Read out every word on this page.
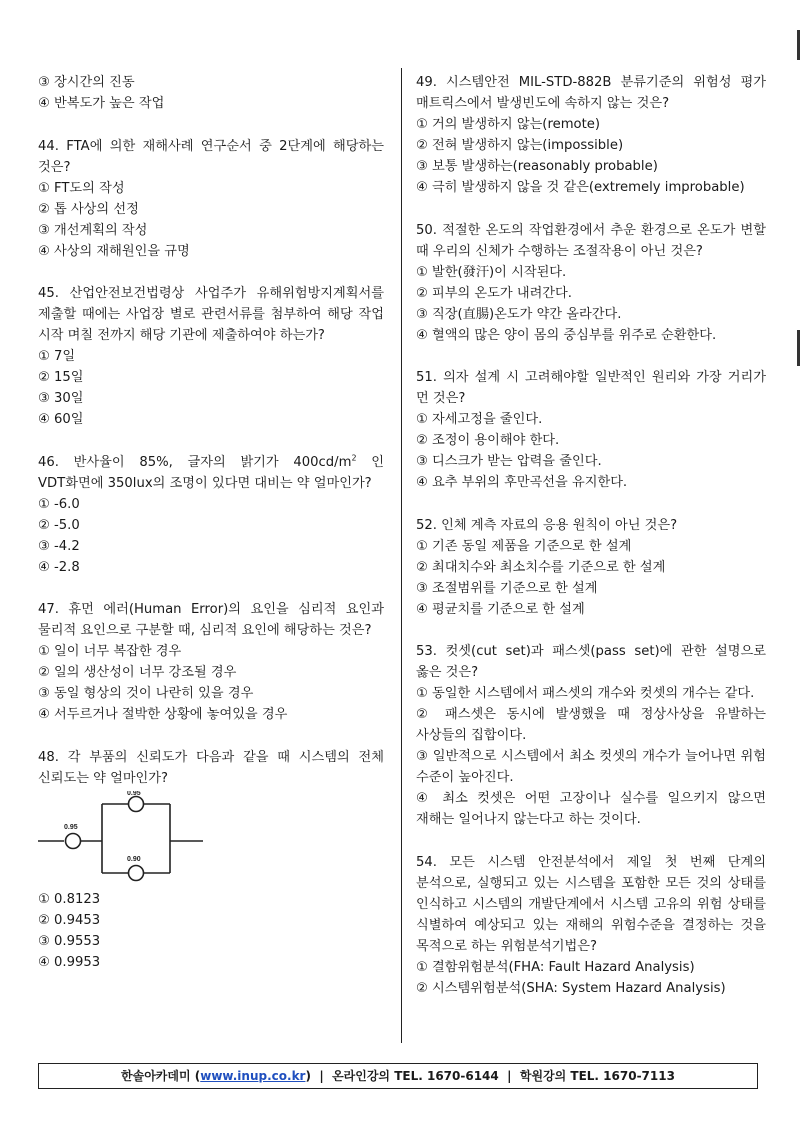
③ 장시간의 진동
④ 반복도가 높은 작업
44. FTA에 의한 재해사례 연구순서 중 2단계에 해당하는 것은?
① FT도의 작성
② 톱 사상의 선정
③ 개선계획의 작성
④ 사상의 재해원인을 규명
45. 산업안전보건법령상 사업주가 유해위험방지계획서를 제출할 때에는 사업장 별로 관련서류를 첨부하여 해당 작업 시작 며칠 전까지 해당 기관에 제출하여야 하는가?
① 7일
② 15일
③ 30일
④ 60일
46. 반사율이 85%, 글자의 밝기가 $400cd/m^2$ 인 VDT화면에 350lux의 조명이 있다면 대비는 약 얼마인가?
① -6.0
② -5.0
③ -4.2
④ -2.8
47. 휴먼 에러(Human Error)의 요인을 심리적 요인과 물리적 요인으로 구분할 때, 심리적 요인에 해당하는 것은?
① 일이 너무 복잡한 경우
② 일의 생산성이 너무 강조될 경우
③ 동일 형상의 것이 나란히 있을 경우
④ 서두르거나 절박한 상황에 놓여있을 경우
48. 각 부품의 신뢰도가 다음과 같을 때 시스템의 전체 신뢰도는 약 얼마인가?
0.95
0.95
0.90
① 0.8123
② 0.9453
③ 0.9553
④ 0.9953
49. 시스템안전 MIL-STD-882B 분류기준의 위험성 평가 매트릭스에서 발생빈도에 속하지 않는 것은?
① 거의 발생하지 않는(remote)
② 전혀 발생하지 않는(impossible)
③ 보통 발생하는(reasonably probable)
④ 극히 발생하지 않을 것 같은(extremely improbable)
50. 적절한 온도의 작업환경에서 추운 환경으로 온도가 변할 때 우리의 신체가 수행하는 조절작용이 아닌 것은?
① 발한(發汗)이 시작된다.
② 피부의 온도가 내려간다.
③ 직장(直腸)온도가 약간 올라간다.
④ 혈액의 많은 양이 몸의 중심부를 위주로 순환한다.
51. 의자 설계 시 고려해야할 일반적인 원리와 가장 거리가 먼 것은?
① 자세고정을 줄인다.
② 조정이 용이해야 한다.
③ 디스크가 받는 압력을 줄인다.
④ 요추 부위의 후만곡선을 유지한다.
52. 인체 계측 자료의 응용 원칙이 아닌 것은?
① 기존 동일 제품을 기준으로 한 설계
② 최대치수와 최소치수를 기준으로 한 설계
③ 조절범위를 기준으로 한 설계
④ 평균치를 기준으로 한 설계
53. 컷셋(cut set)과 패스셋(pass set)에 관한 설명으로 옳은 것은?
① 동일한 시스템에서 패스셋의 개수와 컷셋의 개수는 같다.
② 패스셋은 동시에 발생했을 때 정상사상을 유발하는 사상들의 집합이다.
③ 일반적으로 시스템에서 최소 컷셋의 개수가 늘어나면 위험 수준이 높아진다.
④ 최소 컷셋은 어떤 고장이나 실수를 일으키지 않으면 재해는 일어나지 않는다고 하는 것이다.
54. 모든 시스템 안전분석에서 제일 첫 번째 단계의 분석으로, 실행되고 있는 시스템을 포함한 모든 것의 상태를 인식하고 시스템의 개발단계에서 시스템 고유의 위험 상태를 식별하여 예상되고 있는 재해의 위험수준을 결정하는 것을 목적으로 하는 위험분석기법은?
① 결함위험분석(FHA: Fault Hazard Analysis)
② 시스템위험분석(SHA: System Hazard Analysis)
한솔아카데미 (www.inup.co.kr) | 온라인강의 TEL. 1670-6144 | 학원강의 TEL. 1670-7113
